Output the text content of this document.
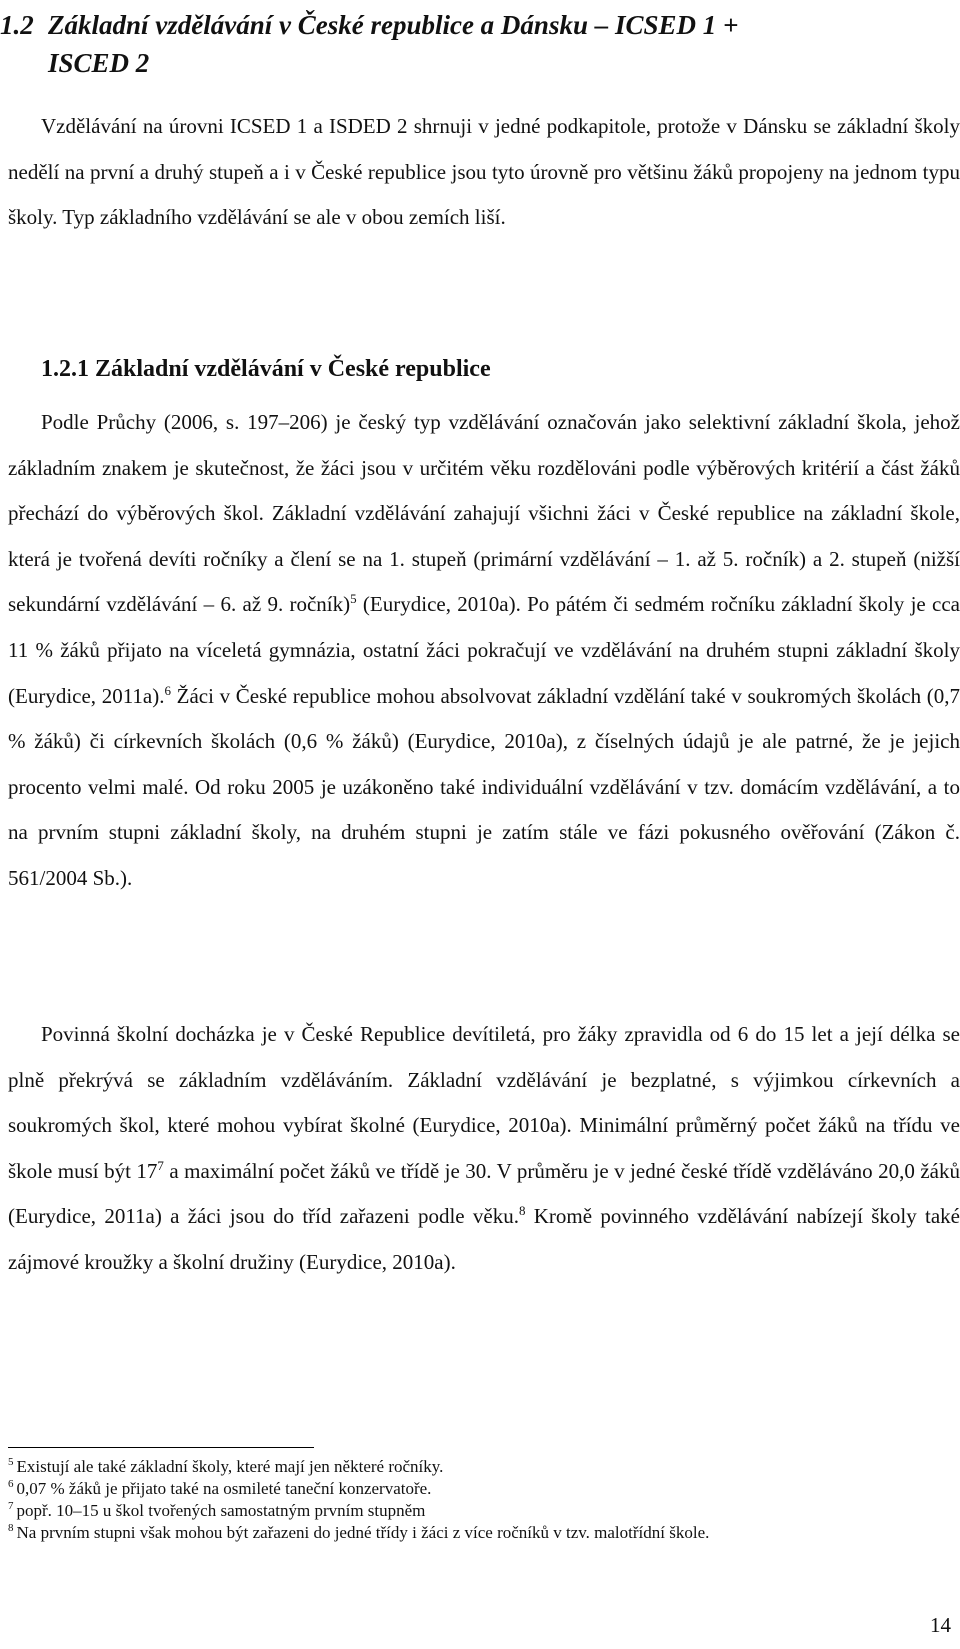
1.2 Základní vzdělávání v České republice a Dánsku – ICSED 1 +
ISCED 2

Vzdělávání na úrovni ICSED 1 a ISDED 2 shrnuji v jedné podkapitole, protože v Dánsku se základní školy nedělí na první a druhý stupeň a i v České republice jsou tyto úrovně pro většinu žáků propojeny na jednom typu školy. Typ základního vzdělávání se ale v obou zemích liší.

1.2.1 Základní vzdělávání v České republice

Podle Průchy (2006, s. 197–206) je český typ vzdělávání označován jako selektivní základní škola, jehož základním znakem je skutečnost, že žáci jsou v určitém věku rozdělováni podle výběrových kritérií a část žáků přechází do výběrových škol. Základní vzdělávání zahajují všichni žáci v České republice na základní škole, která je tvořená devíti ročníky a člení se na 1. stupeň (primární vzdělávání – 1. až 5. ročník) a 2. stupeň (nižší sekundární vzdělávání – 6. až 9. ročník)$^5$ (Eurydice, 2010a). Po pátém či sedmém ročníku základní školy je cca 11 % žáků přijato na víceletá gymnázia, ostatní žáci pokračují ve vzdělávání na druhém stupni základní školy (Eurydice, 2011a).$^6$ Žáci v České republice mohou absolvovat základní vzdělání také v soukromých školách (0,7 % žáků) či církevních školách (0,6 % žáků) (Eurydice, 2010a), z číselných údajů je ale patrné, že je jejich procento velmi malé. Od roku 2005 je uzákoněno také individuální vzdělávání v tzv. domácím vzdělávání, a to na prvním stupni základní školy, na druhém stupni je zatím stále ve fázi pokusného ověřování (Zákon č. 561/2004 Sb.).

Povinná školní docházka je v České Republice devítiletá, pro žáky zpravidla od 6 do 15 let a její délka se plně překrývá se základním vzděláváním. Základní vzdělávání je bezplatné, s výjimkou církevních a soukromých škol, které mohou vybírat školné (Eurydice, 2010a). Minimální průměrný počet žáků na třídu ve škole musí být $17^7$ a maximální počet žáků ve třídě je 30. V průměru je v jedné české třídě vzděláváno 20,0 žáků (Eurydice, 2011a) a žáci jsou do tříd zařazeni podle věku.$^8$ Kromě povinného vzdělávání nabízejí školy také zájmové kroužky a školní družiny (Eurydice, 2010a).

$^5$ Existují ale také základní školy, které mají jen některé ročníky.
$^6$ 0,07 % žáků je přijato také na osmileté taneční konzervatoře.
$^7$ popř. 10–15 u škol tvořených samostatným prvním stupněm
$^8$ Na prvním stupni však mohou být zařazeni do jedné třídy i žáci z více ročníků v tzv. malotřídní škole.
14
